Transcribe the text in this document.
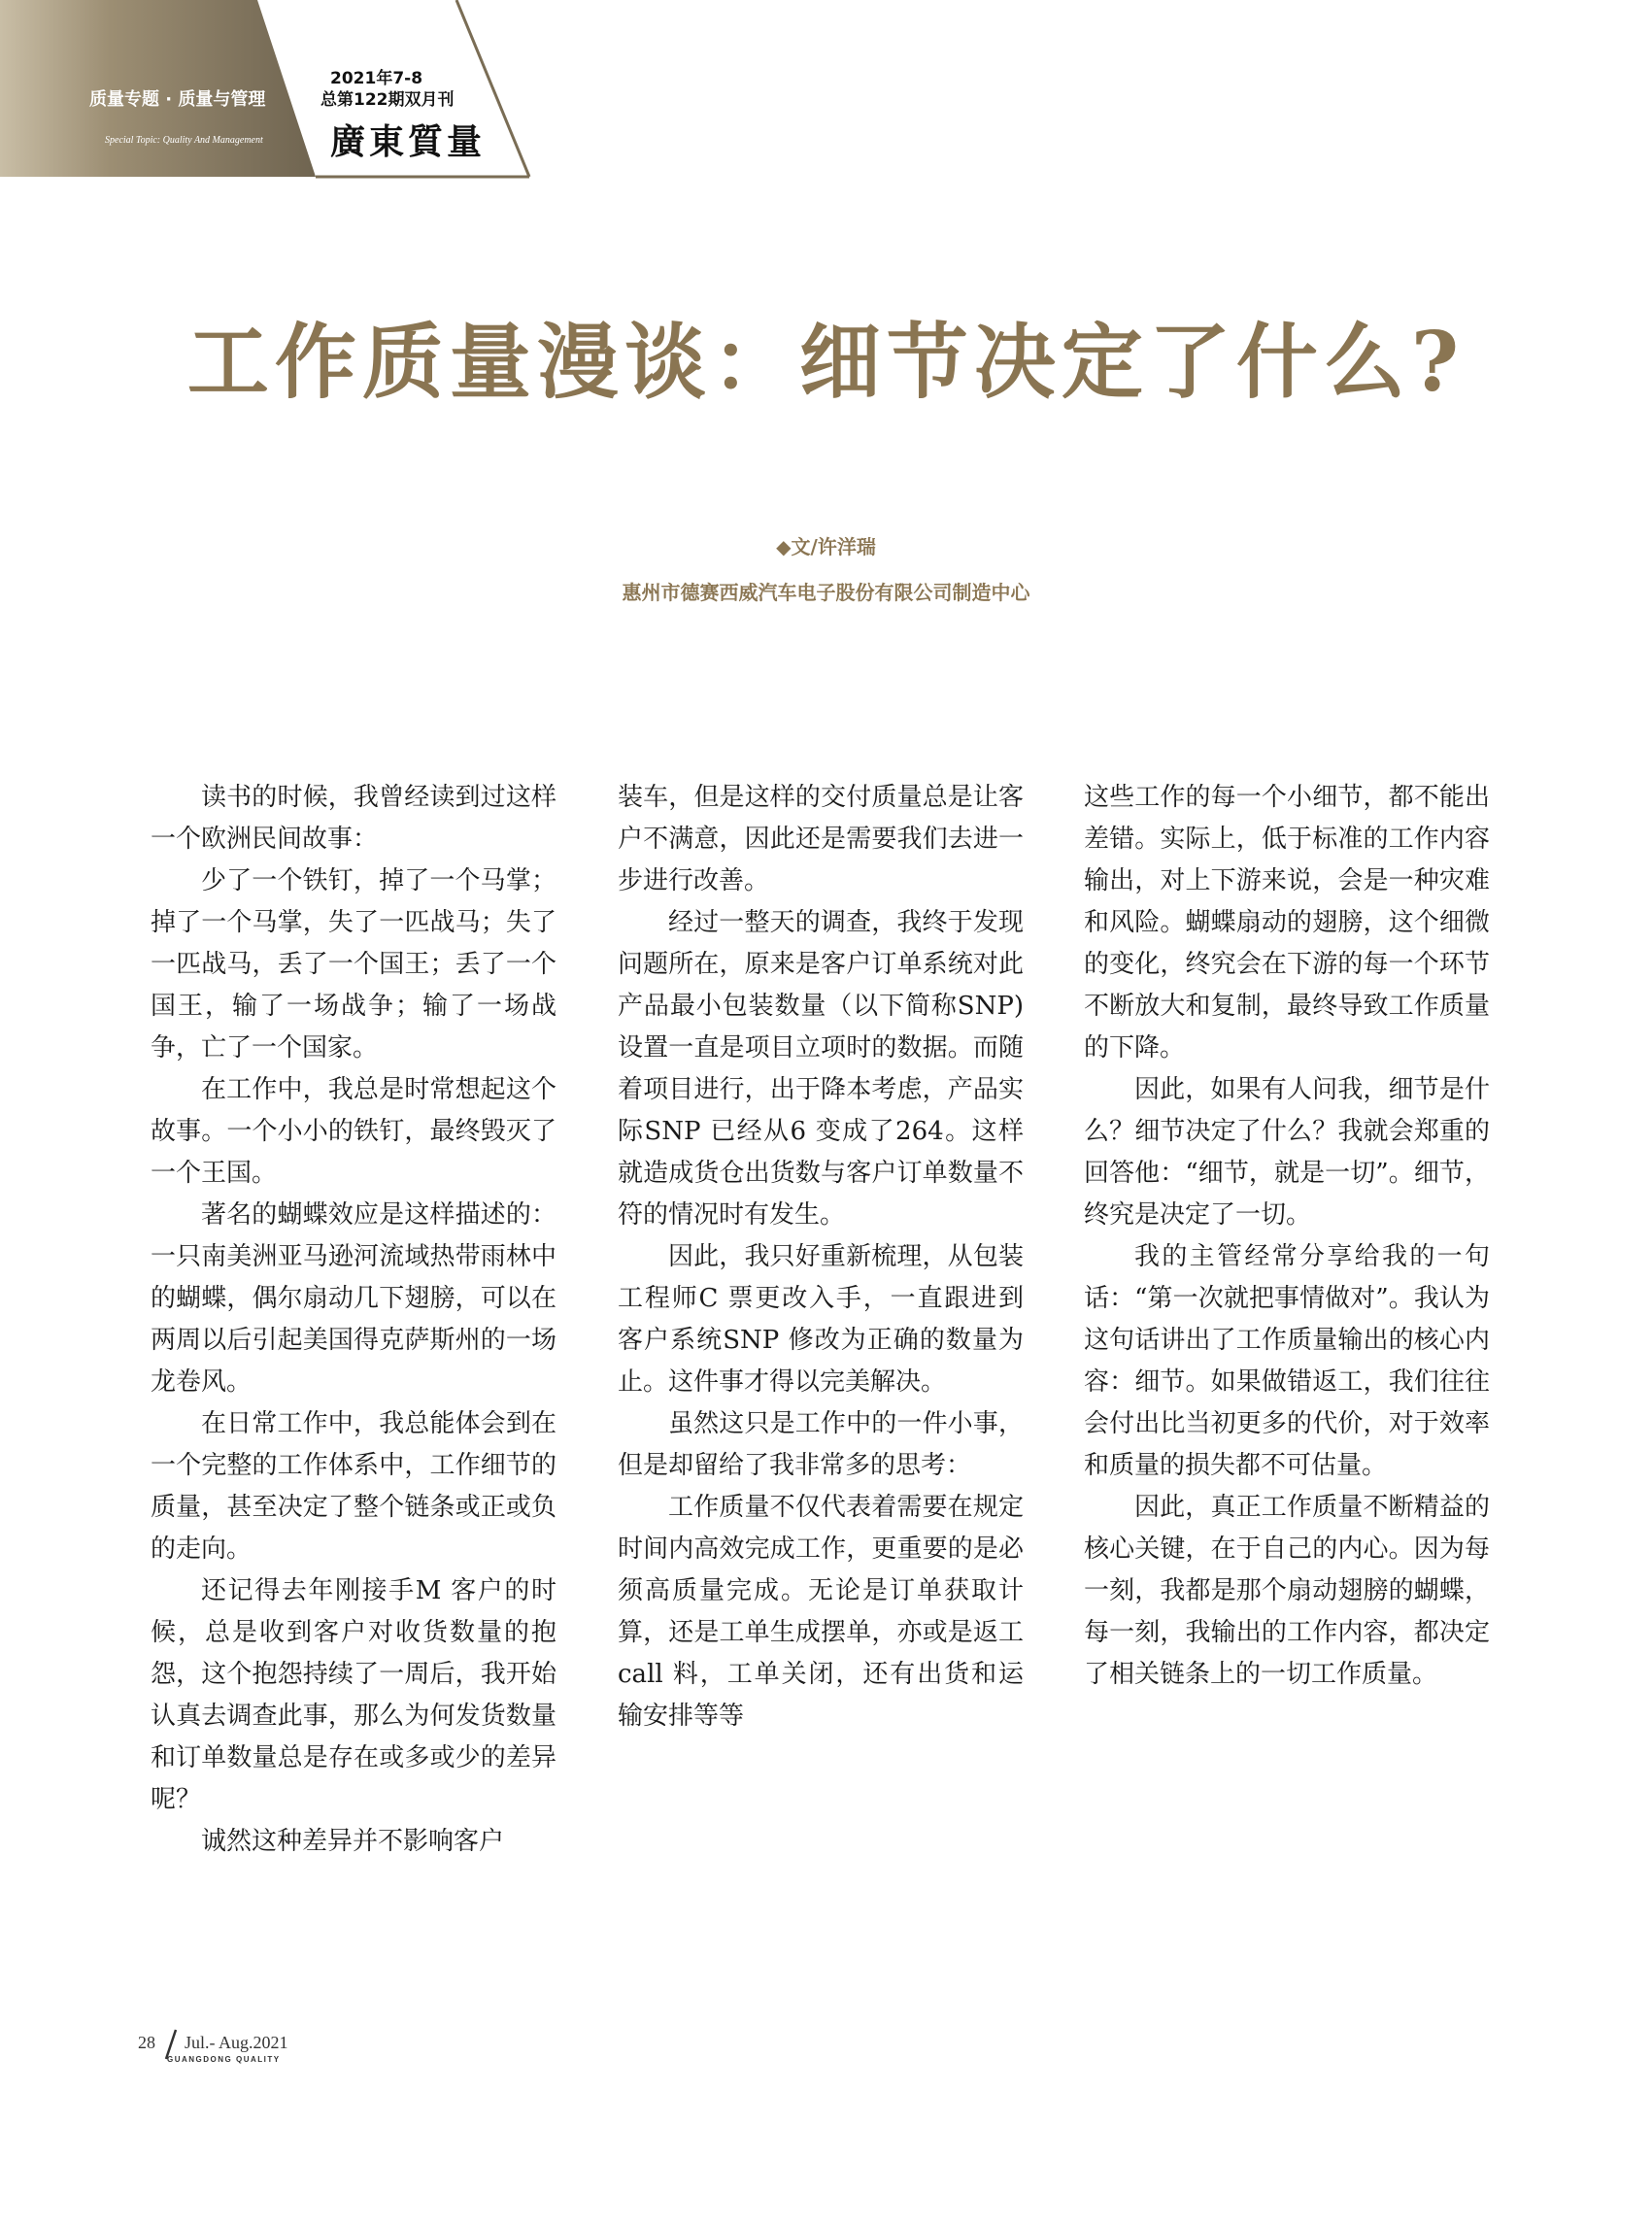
质量专题 · 质量与管理
Special Topic: Quality And Management
2021年7-8
总第122期双月刊
廣東質量
工作质量漫谈：细节决定了什么?
◆文/许洋瑞
惠州市德赛西威汽车电子股份有限公司制造中心

读书的时候，我曾经读到过这样一个欧洲民间故事：

少了一个铁钉，掉了一个马掌；掉了一个马掌，失了一匹战马；失了一匹战马，丢了一个国王；丢了一个国王，输了一场战争；输了一场战争，亡了一个国家。

在工作中，我总是时常想起这个故事。一个小小的铁钉，最终毁灭了一个王国。

著名的蝴蝶效应是这样描述的：一只南美洲亚马逊河流域热带雨林中的蝴蝶，偶尔扇动几下翅膀，可以在两周以后引起美国得克萨斯州的一场龙卷风。

在日常工作中，我总能体会到在一个完整的工作体系中，工作细节的质量，甚至决定了整个链条或正或负的走向。

还记得去年刚接手M 客户的时候，总是收到客户对收货数量的抱怨，这个抱怨持续了一周后，我开始认真去调查此事，那么为何发货数量和订单数量总是存在或多或少的差异呢？

诚然这种差异并不影响客户

装车，但是这样的交付质量总是让客户不满意，因此还是需要我们去进一步进行改善。

经过一整天的调查，我终于发现问题所在，原来是客户订单系统对此产品最小包装数量（以下简称SNP)设置一直是项目立项时的数据。而随着项目进行，出于降本考虑，产品实际SNP 已经从6 变成了264。这样就造成货仓出货数与客户订单数量不符的情况时有发生。

因此，我只好重新梳理，从包装工程师C 票更改入手，一直跟进到客户系统SNP 修改为正确的数量为止。这件事才得以完美解决。

虽然这只是工作中的一件小事，但是却留给了我非常多的思考：

工作质量不仅代表着需要在规定时间内高效完成工作，更重要的是必须高质量完成。无论是订单获取计算，还是工单生成摆单，亦或是返工call 料，工单关闭，还有出货和运输安排等等

这些工作的每一个小细节，都不能出差错。实际上，低于标准的工作内容输出，对上下游来说，会是一种灾难和风险。蝴蝶扇动的翅膀，这个细微的变化，终究会在下游的每一个环节不断放大和复制，最终导致工作质量的下降。

因此，如果有人问我，细节是什么？细节决定了什么？我就会郑重的回答他：“细节，就是一切”。细节，终究是决定了一切。

我的主管经常分享给我的一句话：“第一次就把事情做对”。我认为这句话讲出了工作质量输出的核心内容：细节。如果做错返工，我们往往会付出比当初更多的代价，对于效率和质量的损失都不可估量。

因此，真正工作质量不断精益的核心关键，在于自己的内心。因为每一刻，我都是那个扇动翅膀的蝴蝶，每一刻，我输出的工作内容，都决定了相关链条上的一切工作质量。

28 Jul.- Aug.2021
GUANGDONG QUALITY
